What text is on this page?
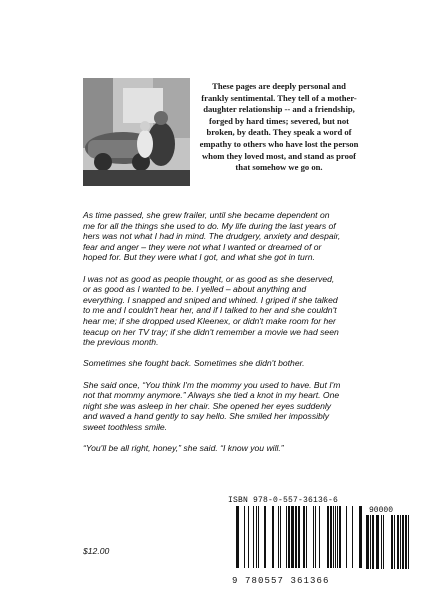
These pages are deeply personal and frankly sentimental. They tell of a mother-daughter relationship -- and a friendship, forged by hard times; severed, but not broken, by death. They speak a word of empathy to others who have lost the person whom they loved most, and stand as proof that somehow we go on.

As time passed, she grew frailer, until she became dependent on me for all the things she used to do. My life during the last years of hers was not what I had in mind. The drudgery, anxiety and despair, fear and anger – they were not what I wanted or dreamed of or hoped for. But they were what I got, and what she got in turn.

I was not as good as people thought, or as good as she deserved, or as good as I wanted to be. I yelled – about anything and everything. I snapped and sniped and whined. I griped if she talked to me and I couldn't hear her, and if I talked to her and she couldn't hear me; if she dropped used Kleenex, or didn't make room for her teacup on her TV tray; if she didn't remember a movie we had seen the previous month.

Sometimes she fought back. Sometimes she didn't bother.

She said once, “You think I'm the mommy you used to have. But I'm not that mommy anymore.” Always she tied a knot in my heart. One night she was asleep in her chair. She opened her eyes suddenly and waved a hand gently to say hello. She smiled her impossibly sweet toothless smile.

“You'll be all right, honey,” she said. “I know you will.”

$12.00
ISBN 978-0-557-36136-6
90000
9 780557 361366
